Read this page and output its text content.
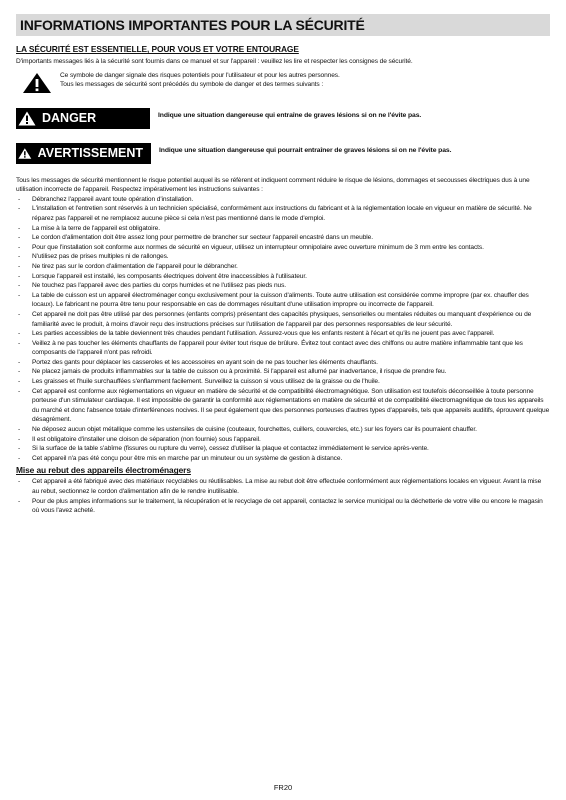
INFORMATIONS IMPORTANTES POUR LA SÉCURITÉ
LA SÉCURITÉ EST ESSENTIELLE, POUR VOUS ET VOTRE ENTOURAGE

D'importants messages liés à la sécurité sont fournis dans ce manuel et sur l'appareil : veuillez les lire et respecter les consignes de sécurité.

Ce symbole de danger signale des risques potentiels pour l'utilisateur et pour les autres personnes.

Tous les messages de sécurité sont précédés du symbole de danger et des termes suivants :

DANGER	Indique une situation dangereuse qui entraîne de graves lésions si on ne l'évite pas.
AVERTISSEMENT Indique une situation dangereuse qui pourrait entraîner de graves lésions si on ne l'évite pas.

Tous les messages de sécurité mentionnent le risque potentiel auquel ils se réfèrent et indiquent comment réduire le risque de lésions, dommages et secousses électriques dus à une utilisation incorrecte de l'appareil. Respectez impérativement les instructions suivantes :

- Débranchez l'appareil avant toute opération d'installation.
- L'installation et l'entretien sont réservés à un technicien spécialisé, conformément aux instructions du fabricant et à la réglementation locale en vigueur en matière de sécurité. Ne réparez pas l'appareil et ne remplacez aucune pièce si cela n'est pas mentionné dans le mode d'emploi.
- La mise à la terre de l'appareil est obligatoire.
- Le cordon d'alimentation doit être assez long pour permettre de brancher sur secteur l'appareil encastré dans un meuble.
- Pour que l'installation soit conforme aux normes de sécurité en vigueur, utilisez un interrupteur omnipolaire avec ouverture minimum de 3 mm entre les contacts.
- N'utilisez pas de prises multiples ni de rallonges.
- Ne tirez pas sur le cordon d'alimentation de l'appareil pour le débrancher.
- Lorsque l'appareil est installé, les composants électriques doivent être inaccessibles à l'utilisateur.
- Ne touchez pas l'appareil avec des parties du corps humides et ne l'utilisez pas pieds nus.
- La table de cuisson est un appareil électroménager conçu exclusivement pour la cuisson d'aliments. Toute autre utilisation est considérée comme impropre (par ex. chauffer des locaux). Le fabricant ne pourra être tenu pour responsable en cas de dommages résultant d'une utilisation impropre ou incorrecte de l'appareil.
- Cet appareil ne doit pas être utilisé par des personnes (enfants compris) présentant des capacités physiques, sensorielles ou mentales réduites ou manquant d'expérience ou de familiarité avec le produit, à moins d'avoir reçu des instructions précises sur l'utilisation de l'appareil par des personnes responsables de leur sécurité.
- Les parties accessibles de la table deviennent très chaudes pendant l'utilisation. Assurez-vous que les enfants restent à l'écart et qu'ils ne jouent pas avec l'appareil.
- Veillez à ne pas toucher les éléments chauffants de l'appareil pour éviter tout risque de brûlure. Évitez tout contact avec des chiffons ou autre matière inflammable tant que les composants de l'appareil n'ont pas refroidi.
- Portez des gants pour déplacer les casseroles et les accessoires en ayant soin de ne pas toucher les éléments chauffants.
- Ne placez jamais de produits inflammables sur la table de cuisson ou à proximité. Si l'appareil est allumé par inadvertance, il risque de prendre feu.
- Les graisses et l'huile surchauffées s'enflamment facilement. Surveillez la cuisson si vous utilisez de la graisse ou de l'huile.
- Cet appareil est conforme aux réglementations en vigueur en matière de sécurité et de compatibilité électromagnétique. Son utilisation est toutefois déconseillée à toute personne porteuse d'un stimulateur cardiaque. Il est impossible de garantir la conformité aux réglementations en matière de sécurité et de compatibilité électromagnétique de tous les appareils du marché et donc l'absence totale d'interférences nocives. Il se peut également que des personnes porteuses d'autres types d'appareils, tels que appareils auditifs, éprouvent quelque désagrément.
- Ne déposez aucun objet métallique comme les ustensiles de cuisine (couteaux, fourchettes, cuillers, couvercles, etc.) sur les foyers car ils pourraient chauffer.
- Il est obligatoire d'installer une cloison de séparation (non fournie) sous l'appareil.
- Si la surface de la table s'abîme (fissures ou rupture du verre), cessez d'utiliser la plaque et contactez immédiatement le service après-vente.
- Cet appareil n'a pas été conçu pour être mis en marche par un minuteur ou un système de gestion à distance.
Mise au rebut des appareils électroménagers
- Cet appareil a été fabriqué avec des matériaux recyclables ou réutilisables. La mise au rebut doit être effectuée conformément aux réglementations locales en vigueur. Avant la mise au rebut, sectionnez le cordon d'alimentation afin de le rendre inutilisable.
- Pour de plus amples informations sur le traitement, la récupération et le recyclage de cet appareil, contactez le service municipal ou la déchetterie de votre ville ou encore le magasin où vous l'avez acheté.
FR20
